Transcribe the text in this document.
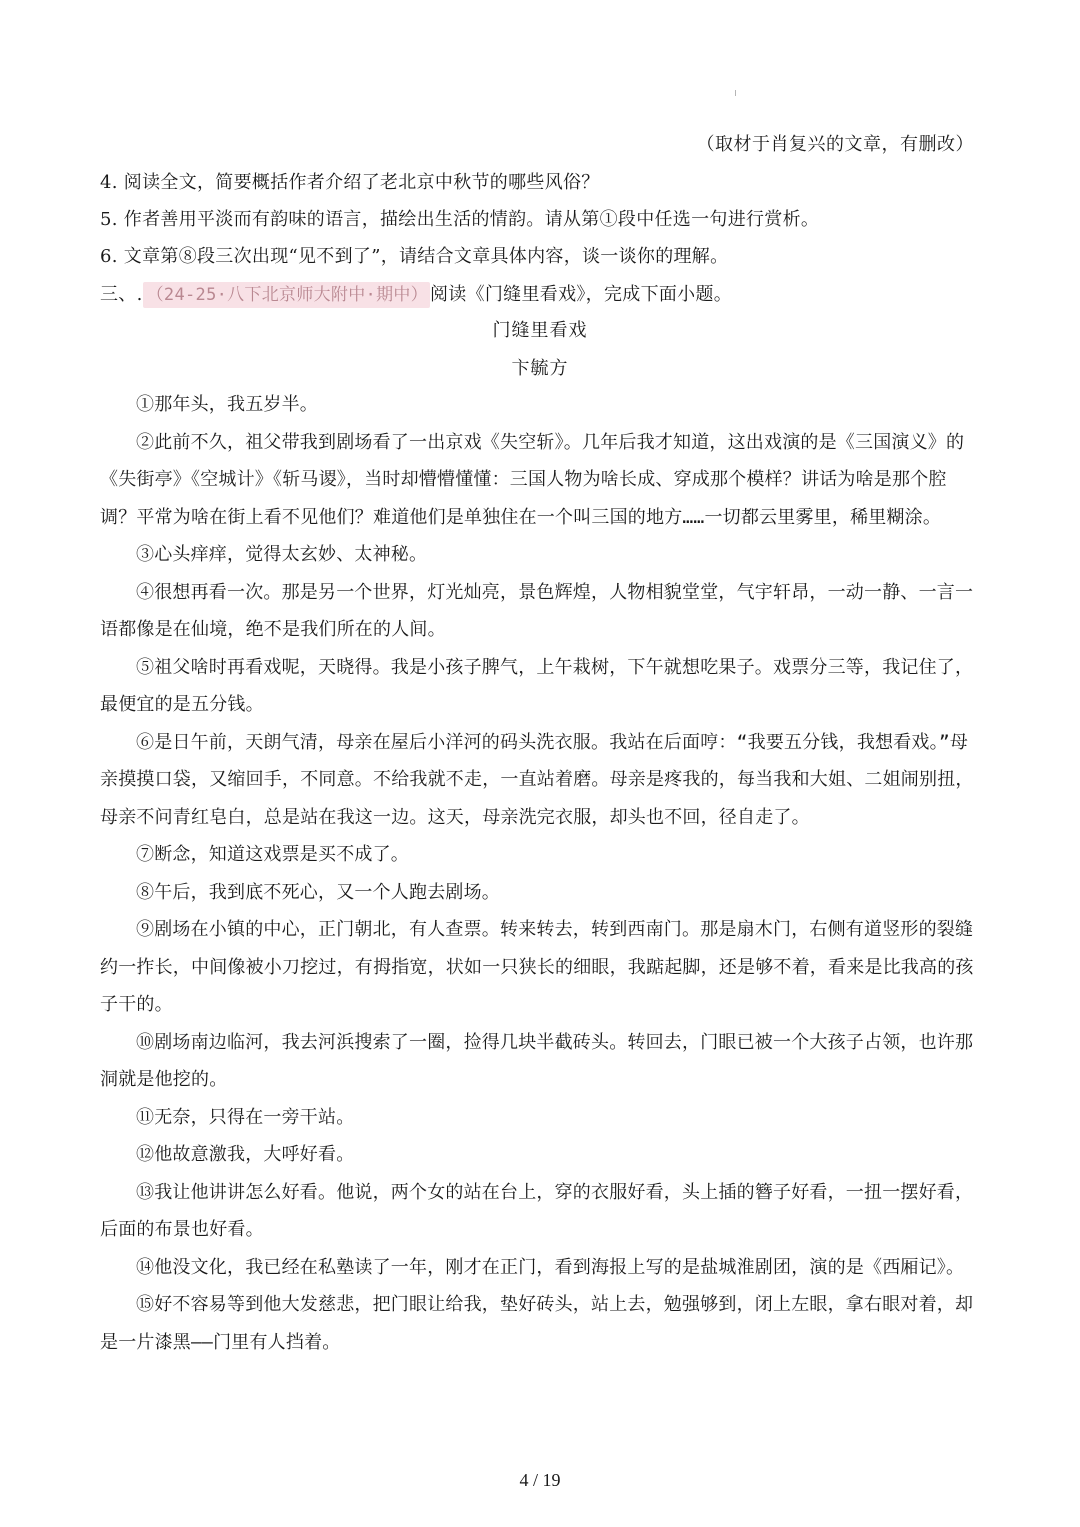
（取材于肖复兴的文章，有删改）
4. 阅读全文，简要概括作者介绍了老北京中秋节的哪些风俗？
5. 作者善用平淡而有韵味的语言，描绘出生活的情韵。请从第①段中任选一句进行赏析。
6. 文章第⑧段三次出现“见不到了”，请结合文章具体内容，谈一谈你的理解。
三、. （24-25·八下北京师大附中·期中） 阅读《门缝里看戏》，完成下面小题。
门缝里看戏
卞毓方

①那年头，我五岁半。

②此前不久，祖父带我到剧场看了一出京戏《失空斩》。几年后我才知道，这出戏演的是《三国演义》的《失街亭》《空城计》《斩马谡》，当时却懵懵懂懂：三国人物为啥长成、穿成那个模样？讲话为啥是那个腔调？平常为啥在街上看不见他们？难道他们是单独住在一个叫三国的地方……一切都云里雾里，稀里糊涂。

③心头痒痒，觉得太玄妙、太神秘。

④很想再看一次。那是另一个世界，灯光灿亮，景色辉煌，人物相貌堂堂，气宇轩昂，一动一静、一言一语都像是在仙境，绝不是我们所在的人间。

⑤祖父啥时再看戏呢，天晓得。我是小孩子脾气，上午栽树，下午就想吃果子。戏票分三等，我记住了，最便宜的是五分钱。

⑥是日午前，天朗气清，母亲在屋后小洋河的码头洗衣服。我站在后面哼：“我要五分钱，我想看戏。”母亲摸摸口袋，又缩回手，不同意。不给我就不走，一直站着磨。母亲是疼我的，每当我和大姐、二姐闹别扭，母亲不问青红皂白，总是站在我这一边。这天，母亲洗完衣服，却头也不回，径自走了。

⑦断念，知道这戏票是买不成了。

⑧午后，我到底不死心，又一个人跑去剧场。

⑨剧场在小镇的中心，正门朝北，有人查票。转来转去，转到西南门。那是扇木门，右侧有道竖形的裂缝约一拃长，中间像被小刀挖过，有拇指宽，状如一只狭长的细眼，我踮起脚，还是够不着，看来是比我高的孩子干的。

⑩剧场南边临河，我去河浜搜索了一圈，捡得几块半截砖头。转回去，门眼已被一个大孩子占领，也许那洞就是他挖的。

⑪无奈，只得在一旁干站。

⑫他故意激我，大呼好看。

⑬我让他讲讲怎么好看。他说，两个女的站在台上，穿的衣服好看，头上插的簪子好看，一扭一摆好看，后面的布景也好看。

⑭他没文化，我已经在私塾读了一年，刚才在正门，看到海报上写的是盐城淮剧团，演的是《西厢记》。

⑮好不容易等到他大发慈悲，把门眼让给我，垫好砖头，站上去，勉强够到，闭上左眼，拿右眼对着，却是一片漆黑——门里有人挡着。

4 / 19
